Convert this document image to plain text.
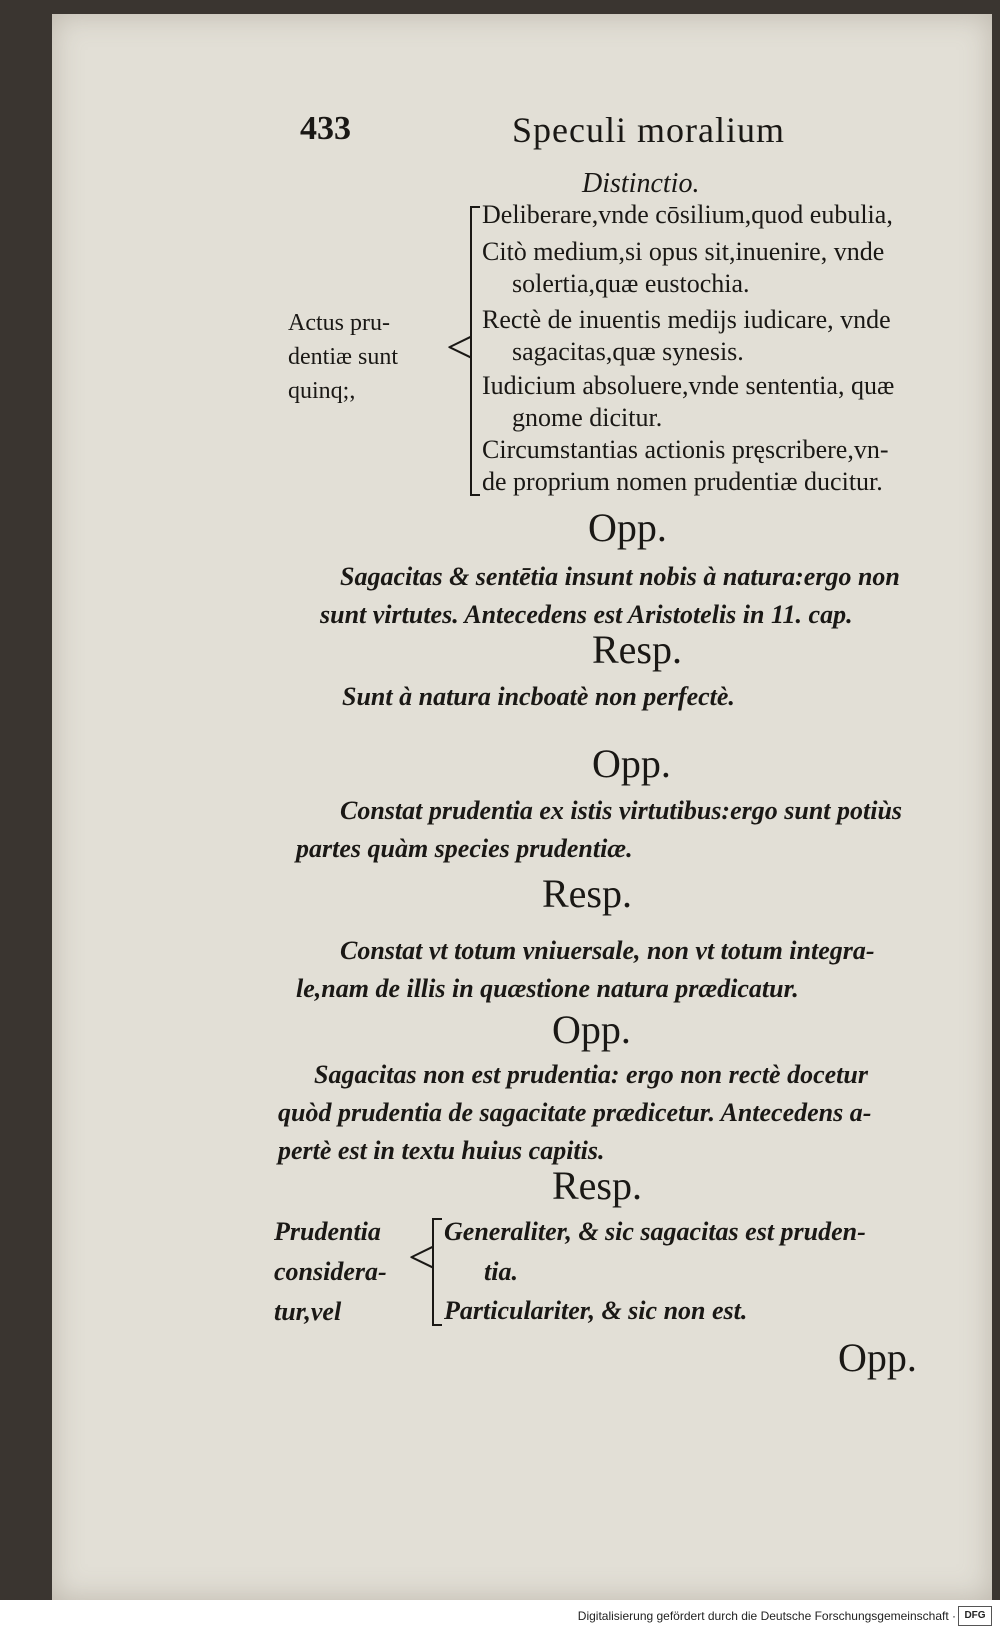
433	Speculi moralium
Distinctio.
Actus pru-
dentiæ sunt
quinq;,
<
Deliberare,vnde cōsilium,quod eubulia,
Citò medium,si opus sit,inuenire, vnde
solertia,quæ eustochia.
Rectè de inuentis medijs iudicare, vnde
sagacitas,quæ synesis.
Iudicium absoluere,vnde sententia, quæ
gnome dicitur.
Circumstantias actionis pręscribere,vn-
de proprium nomen prudentiæ ducitur.
Opp.
Sagacitas & sentētia insunt nobis à natura:ergo non
sunt virtutes. Antecedens est Aristotelis in 11. cap.
Resp.
Sunt à natura incboatè non perfectè.
Opp.
Constat prudentia ex istis virtutibus:ergo sunt potiùs
partes quàm species prudentiæ.
Resp.
Constat vt totum vniuersale, non vt totum integra-
le,nam de illis in quæstione natura prædicatur.
Opp.
Sagacitas non est prudentia: ergo non rectè docetur
quòd prudentia de sagacitate prædicetur. Antecedens a-
pertè est in textu huius capitis.
Resp.
Prudentia
considera-
tur,vel
< Generaliter, & sic sagacitas est pruden-
tia.
Particulariter, & sic non est.
Opp.
Digitalisierung gefördert durch die Deutsche Forschungsgemeinschaft · DFG
